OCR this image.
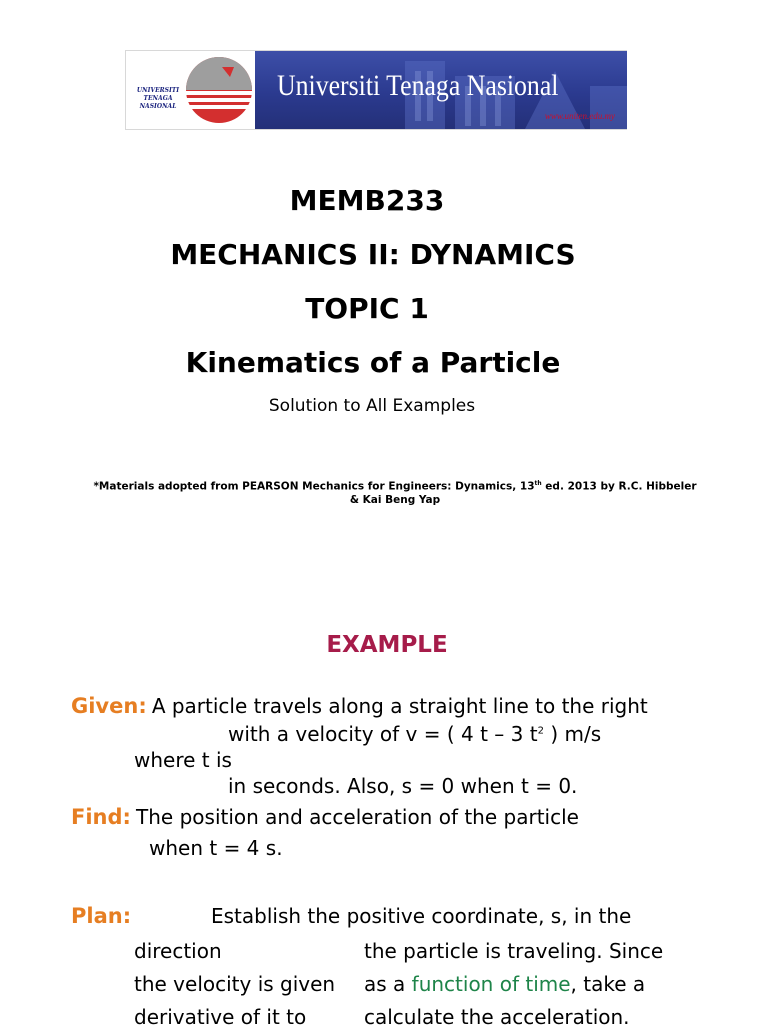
UNIVERSITI TENAGA NASIONAL
Universiti Tenaga Nasional
www.uniten.edu.my
MEMB233
MECHANICS II: DYNAMICS
TOPIC 1
Kinematics of a Particle
Solution to All Examples
*Materials adopted from PEARSON Mechanics for Engineers: Dynamics, 13th ed. 2013 by R.C. Hibbeler
& Kai Beng Yap
EXAMPLE
Given: A particle travels along a straight line to the right
with a velocity of v = ( 4 t – 3 $t^2$ ) m/s
where t is
in seconds. Also, s = 0 when t = 0.
Find: The position and acceleration of the particle
when t = 4 s.
Plan:	Establish the positive coordinate, s, in the
direction	the particle is traveling. Since
the velocity is given as a function of time, take a
derivative of it to	calculate the acceleration.
